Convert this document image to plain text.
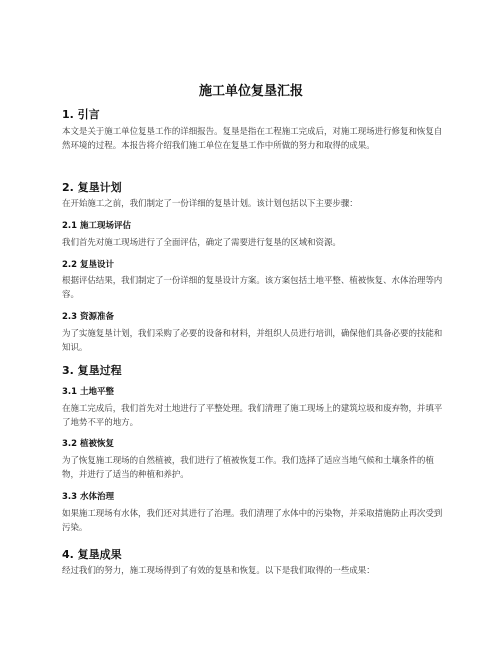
施工单位复垦汇报
1. 引言
本文是关于施工单位复垦工作的详细报告。复垦是指在工程施工完成后，对施工现场进行修复和恢复自然环境的过程。本报告将介绍我们施工单位在复垦工作中所做的努力和取得的成果。
2. 复垦计划
在开始施工之前，我们制定了一份详细的复垦计划。该计划包括以下主要步骤：
2.1 施工现场评估
我们首先对施工现场进行了全面评估，确定了需要进行复垦的区域和资源。
2.2 复垦设计
根据评估结果，我们制定了一份详细的复垦设计方案。该方案包括土地平整、植被恢复、水体治理等内容。
2.3 资源准备
为了实施复垦计划，我们采购了必要的设备和材料，并组织人员进行培训，确保他们具备必要的技能和知识。
3. 复垦过程
3.1 土地平整
在施工完成后，我们首先对土地进行了平整处理。我们清理了施工现场上的建筑垃圾和废弃物，并填平了地势不平的地方。
3.2 植被恢复
为了恢复施工现场的自然植被，我们进行了植被恢复工作。我们选择了适应当地气候和土壤条件的植物，并进行了适当的种植和养护。
3.3 水体治理
如果施工现场有水体，我们还对其进行了治理。我们清理了水体中的污染物，并采取措施防止再次受到污染。
4. 复垦成果
经过我们的努力，施工现场得到了有效的复垦和恢复。以下是我们取得的一些成果：
